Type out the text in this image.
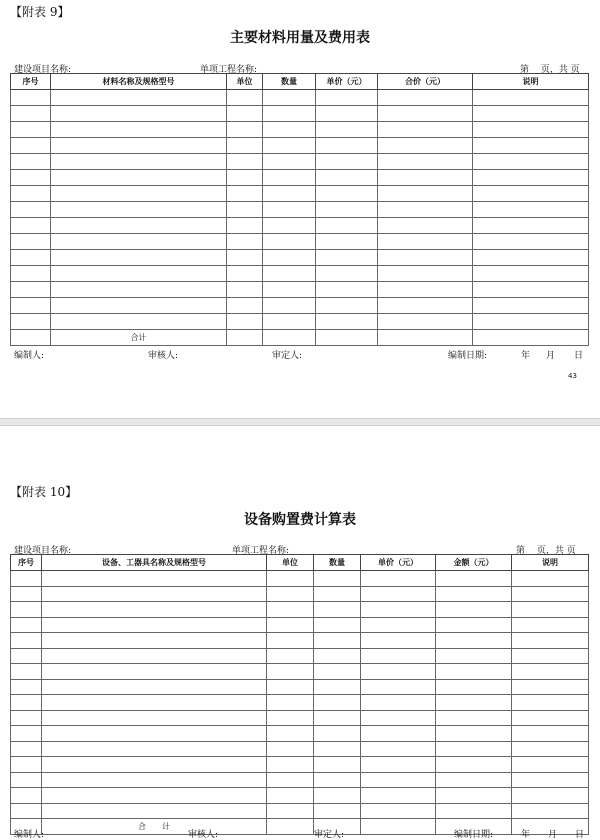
【附表 9】
主要材料用量及费用表
建设项目名称:	单项工程名称:	第　 页，共 页
序号	材料名称及规格型号	单位	数量	单价（元）	合价（元）	说明

	合计					
编制人:	审核人:	审定人:	编制日期:	年 月 日
43
【附表 10】
设备购置费计算表
建设项目名称:	单项工程名称:	第　 页，共 页
序号	设备、工器具名称及规格型号	单位	数量	单价（元）	金额（元）	说明

	合　　计					
编制人:	审核人:	审定人:	编制日期:	年 月 日
